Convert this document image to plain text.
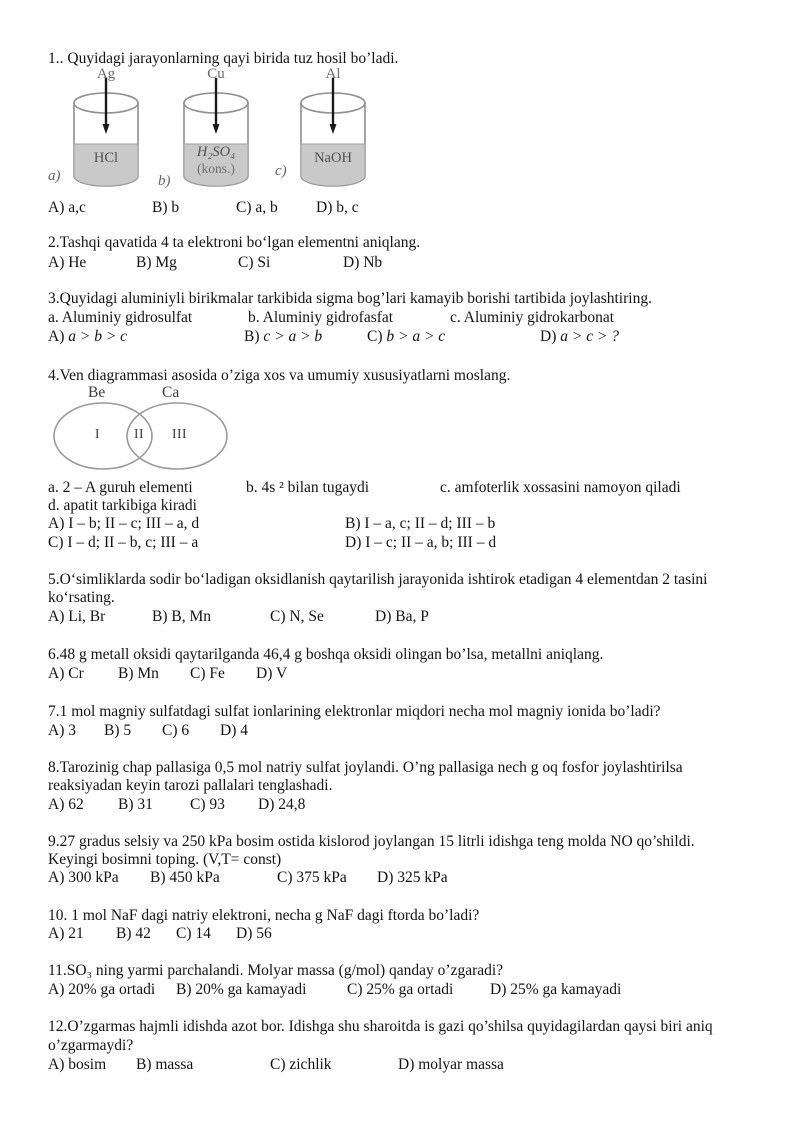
1.. Quyidagi jarayonlarning qayi birida tuz hosil bo’ladi.
Ag
HCl
a)
Cu
H₂SO₄
(kons.)
b)
Al
NaOH
c)
A) a,c	B) b	C) a, b D) b, c
2.Tashqi qavatida 4 ta elektroni bo‘lgan elementni aniqlang.
A) He	B) Mg	C) Si	D) Nb
3.Quyidagi aluminiyli birikmalar tarkibida sigma bog’lari kamayib borishi tartibida joylashtiring.
a. Aluminiy gidrosulfat	b. Aluminiy gidrofasfat	c. Aluminiy gidrokarbonat
A) a > b > c	B) c > a > b	C) b > a > c	D) a > c > ?
4.Ven diagrammasi asosida o’ziga xos va umumiy xususiyatlarni moslang.
Be	Ca
I	II III
a. 2 – A guruh elementi	b. 4s ² bilan tugaydi	c. amfoterlik xossasini namoyon qiladi
d. apatit tarkibiga kiradi
A) I – b; II – c; III – a, d	B) I – a, c; II – d; III – b
C) I – d; II – b, c; III – a	D) I – c; II – a, b; III – d
5.O‘simliklarda sodir bo‘ladigan oksidlanish qaytarilish jarayonida ishtirok etadigan 4 elementdan 2 tasini
ko‘rsating.
A) Li, Br	B) B, Mn	C) N, Se	D) Ba, P
6.48 g metall oksidi qaytarilganda 46,4 g boshqa oksidi olingan bo’lsa, metallni aniqlang.
A) Cr B) Mn C) Fe D) V
7.1 mol magniy sulfatdagi sulfat ionlarining elektronlar miqdori necha mol magniy ionida bo’ladi?
A) 3 B) 5 C) 6 D) 4
8.Tarozinig chap pallasiga 0,5 mol natriy sulfat joylandi. O’ng pallasiga nech g oq fosfor joylashtirilsa
reaksiyadan keyin tarozi pallalari tenglashadi.
A) 62 B) 31 C) 93 D) 24,8
9.27 gradus selsiy va 250 kPa bosim ostida kislorod joylangan 15 litrli idishga teng molda NO qo’shildi.
Keyingi bosimni toping. (V,T= const)
A) 300 kPa B) 450 kPa	C) 375 kPa D) 325 kPa
10. 1 mol NaF dagi natriy elektroni, necha g NaF dagi ftorda bo’ladi?
A) 21 B) 42 C) 14 D) 56
11.SO₃ ning yarmi parchalandi. Molyar massa (g/mol) qanday o’zgaradi?
A) 20% ga ortadi B) 20% ga kamayadi	C) 25% ga ortadi D) 25% ga kamayadi
12.O’zgarmas hajmli idishda azot bor. Idishga shu sharoitda is gazi qo’shilsa quyidagilardan qaysi biri aniq
o’zgarmaydi?
A) bosim B) massa	C) zichlik	D) molyar massa
